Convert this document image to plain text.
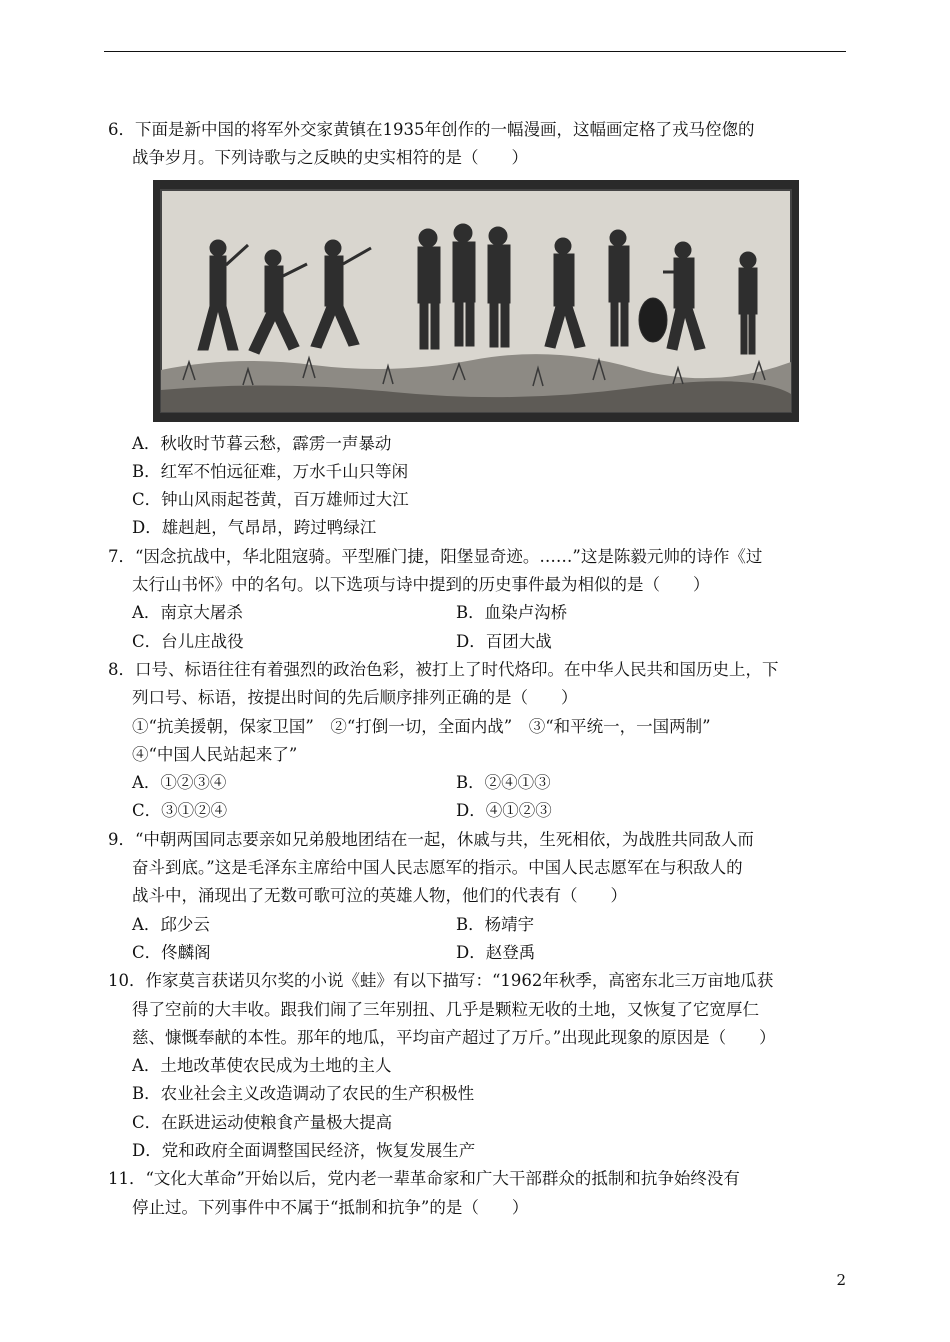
6．下面是新中国的将军外交家黄镇在1935年创作的一幅漫画，这幅画定格了戎马倥偬的
战争岁月。下列诗歌与之反映的史实相符的是（　　）
A．秋收时节暮云愁，霹雳一声暴动
B．红军不怕远征难，万水千山只等闲
C．钟山风雨起苍黄，百万雄师过大江
D．雄赳赳，气昂昂，跨过鸭绿江
7．“因念抗战中，华北阻寇骑。平型雁门捷，阳堡显奇迹。……”这是陈毅元帅的诗作《过
太行山书怀》中的名句。以下选项与诗中提到的历史事件最为相似的是（　　）
A．南京大屠杀	B．血染卢沟桥
C．台儿庄战役	D．百团大战
8．口号、标语往往有着强烈的政治色彩，被打上了时代烙印。在中华人民共和国历史上，下
列口号、标语，按提出时间的先后顺序排列正确的是（　　）
①“抗美援朝，保家卫国”　②“打倒一切，全面内战”　③“和平统一，一国两制”
④“中国人民站起来了”
A．①②③④	B．②④①③
C．③①②④	D．④①②③
9．“中朝两国同志要亲如兄弟般地团结在一起，休戚与共，生死相依，为战胜共同敌人而
奋斗到底。”这是毛泽东主席给中国人民志愿军的指示。中国人民志愿军在与积敌人的
战斗中，涌现出了无数可歌可泣的英雄人物，他们的代表有（　　）
A．邱少云	B．杨靖宇
C．佟麟阁	D．赵登禹
10．作家莫言获诺贝尔奖的小说《蛙》有以下描写：“1962年秋季，高密东北三万亩地瓜获
得了空前的大丰收。跟我们闹了三年别扭、几乎是颗粒无收的土地，又恢复了它宽厚仁
慈、慷慨奉献的本性。那年的地瓜，平均亩产超过了万斤。”出现此现象的原因是（　　）
A．土地改革使农民成为土地的主人
B．农业社会主义改造调动了农民的生产积极性
C．在跃进运动使粮食产量极大提高
D．党和政府全面调整国民经济，恢复发展生产
11．“文化大革命”开始以后，党内老一辈革命家和广大干部群众的抵制和抗争始终没有
停止过。下列事件中不属于“抵制和抗争”的是（　　）
2
